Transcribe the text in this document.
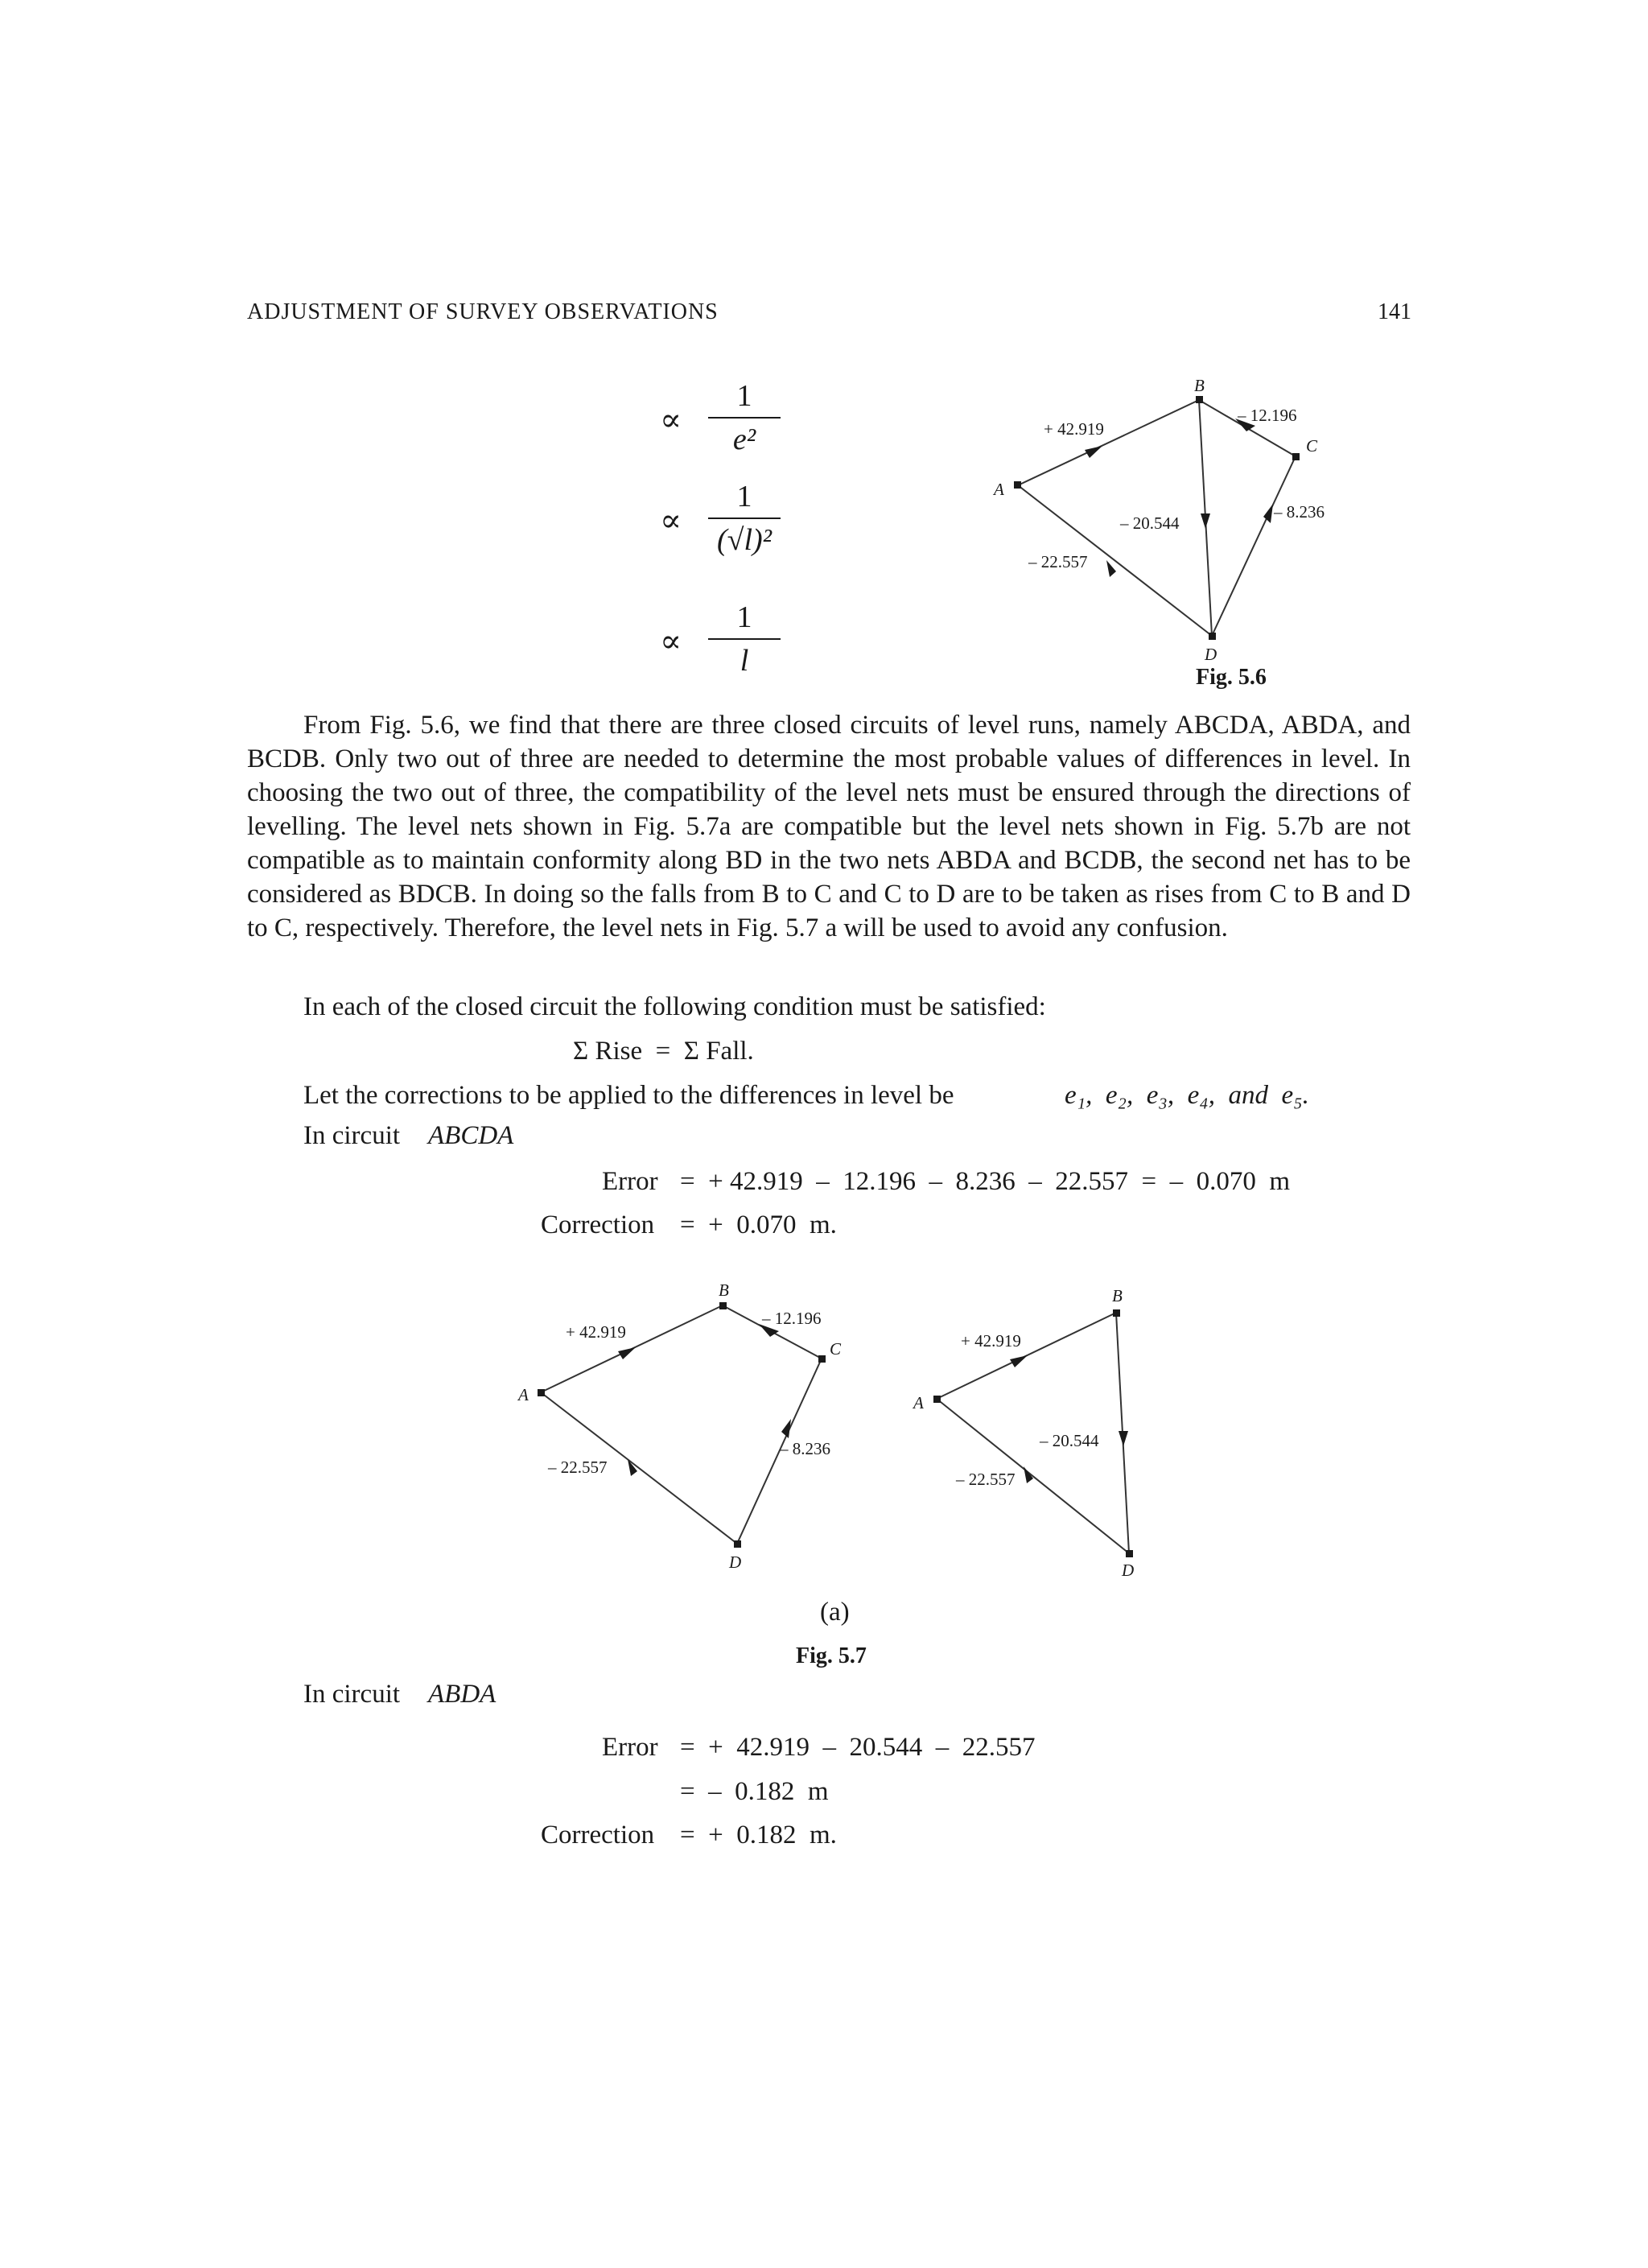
ADJUSTMENT OF SURVEY OBSERVATIONS	141
∝
1
e²
∝
1
(√l)²
∝
1
l
A
B
C
D
+ 42.919
– 12.196
– 8.236
– 20.544
– 22.557
Fig. 5.6
From Fig. 5.6, we find that there are three closed circuits of level runs, namely ABCDA, ABDA, and BCDB. Only two out of three are needed to determine the most probable values of differences in level. In choosing the two out of three, the compatibility of the level nets must be ensured through the directions of levelling. The level nets shown in Fig. 5.7a are compatible but the level nets shown in Fig. 5.7b are not compatible as to maintain conformity along BD in the two nets ABDA and BCDB, the second net has to be considered as BDCB. In doing so the falls from B to C and C to D are to be taken as rises from C to B and D to C, respectively. Therefore, the level nets in Fig. 5.7 a will be used to avoid any confusion.
In each of the closed circuit the following condition must be satisfied:
Σ Rise  =  Σ Fall.
Let the corrections to be applied to the differences in level be	e₁,  e₂,  e₃,  e₄,  and  e₅.
In circuit ABCDA
Error =  + 42.919  –  12.196  –  8.236  –  22.557  =  –  0.070  m
Correction =  +  0.070  m.
A
B
C
D
+ 42.919
– 12.196
– 8.236
– 22.557
A
B
D
+ 42.919
– 20.544
– 22.557
(a)
Fig. 5.7
In circuit ABDA
Error =  +  42.919  –  20.544  –  22.557
=  –  0.182  m
Correction =  +  0.182  m.
